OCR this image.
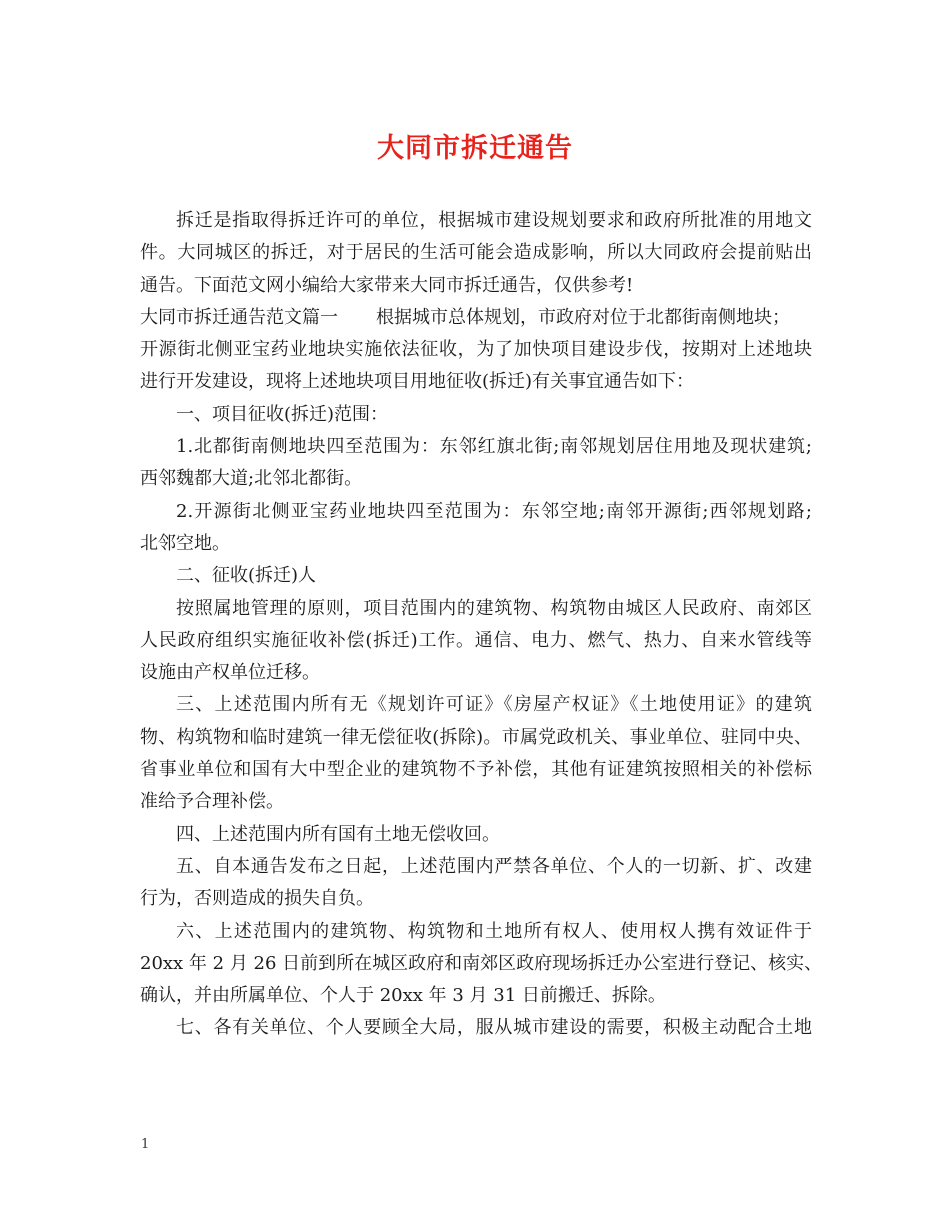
大同市拆迁通告
拆迁是指取得拆迁许可的单位，根据城市建设规划要求和政府所批准的用地文
件。大同城区的拆迁，对于居民的生活可能会造成影响，所以大同政府会提前贴出
通告。下面范文网小编给大家带来大同市拆迁通告，仅供参考!
大同市拆迁通告范文篇一 根据城市总体规划，市政府对位于北都街南侧地块；
开源街北侧亚宝药业地块实施依法征收，为了加快项目建设步伐，按期对上述地块
进行开发建设，现将上述地块项目用地征收(拆迁)有关事宜通告如下：
一、项目征收(拆迁)范围：
1.北都街南侧地块四至范围为：东邻红旗北街;南邻规划居住用地及现状建筑;
西邻魏都大道;北邻北都街。
2.开源街北侧亚宝药业地块四至范围为：东邻空地;南邻开源街;西邻规划路;
北邻空地。
二、征收(拆迁)人
按照属地管理的原则，项目范围内的建筑物、构筑物由城区人民政府、南郊区
人民政府组织实施征收补偿(拆迁)工作。通信、电力、燃气、热力、自来水管线等
设施由产权单位迁移。
三、上述范围内所有无《规划许可证》《房屋产权证》《土地使用证》的建筑
物、构筑物和临时建筑一律无偿征收(拆除)。市属党政机关、事业单位、驻同中央、
省事业单位和国有大中型企业的建筑物不予补偿，其他有证建筑按照相关的补偿标
准给予合理补偿。
四、上述范围内所有国有土地无偿收回。
五、自本通告发布之日起，上述范围内严禁各单位、个人的一切新、扩、改建
行为，否则造成的损失自负。
六、上述范围内的建筑物、构筑物和土地所有权人、使用权人携有效证件于
20xx 年 2 月 26 日前到所在城区政府和南郊区政府现场拆迁办公室进行登记、核实、
确认，并由所属单位、个人于 20xx 年 3 月 31 日前搬迁、拆除。
七、各有关单位、个人要顾全大局，服从城市建设的需要，积极主动配合土地
1
